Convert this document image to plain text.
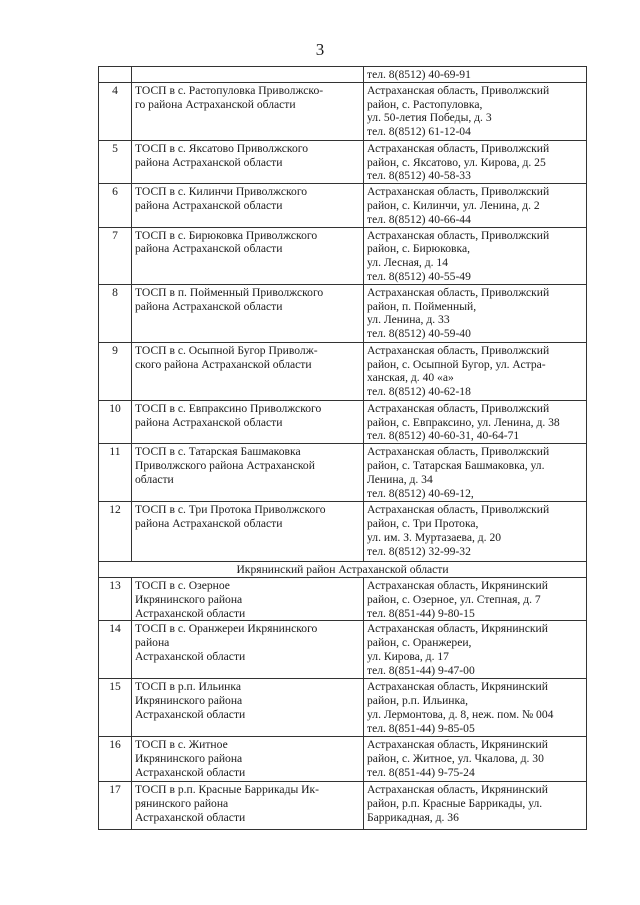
3

		тел. 8(8512) 40-69-91

4	ТОСП в с. Растопуловка Приволжско-
го района Астраханской области	Астраханская область, Приволжский
район, с. Растопуловка,
ул. 50-летия Победы, д. 3
тел. 8(8512) 61-12-04

5	ТОСП в с. Яксатово Приволжского
района Астраханской области	Астраханская область, Приволжский
район, с. Яксатово, ул. Кирова, д. 25
тел. 8(8512) 40-58-33

6	ТОСП в с. Килинчи Приволжского
района Астраханской области	Астраханская область, Приволжский
район, с. Килинчи, ул. Ленина, д. 2
тел. 8(8512) 40-66-44

7	ТОСП в с. Бирюковка Приволжского
района Астраханской области	Астраханская область, Приволжский
район, с. Бирюковка,
ул. Лесная, д. 14
тел. 8(8512) 40-55-49

8	ТОСП в п. Пойменный Приволжского
района Астраханской области	Астраханская область, Приволжский
район, п. Пойменный,
ул. Ленина, д. 33
тел. 8(8512) 40-59-40

9	ТОСП в с. Осыпной Бугор Приволж-
ского района Астраханской области	Астраханская область, Приволжский
район, с. Осыпной Бугор, ул. Астра-
ханская, д. 40 «а»
тел. 8(8512) 40-62-18

10	ТОСП в с. Евпраксино Приволжского
района Астраханской области	Астраханская область, Приволжский
район, с. Евпраксино, ул. Ленина, д. 38
тел. 8(8512) 40-60-31, 40-64-71

11	ТОСП в с. Татарская Башмаковка
Приволжского района Астраханской
области	Астраханская область, Приволжский
район, с. Татарская Башмаковка, ул.
Ленина, д. 34
тел. 8(8512) 40-69-12,

12	ТОСП в с. Три Протока Приволжского
района Астраханской области	Астраханская область, Приволжский
район, с. Три Протока,
ул. им. З. Муртазаева, д. 20
тел. 8(8512) 32-99-32

Икрянинский район Астраханской области		
13	ТОСП в с. Озерное
Икрянинского района
Астраханской области	Астраханская область, Икрянинский
район, с. Озерное, ул. Степная, д. 7
тел. 8(851-44) 9-80-15

14	ТОСП в с. Оранжереи Икрянинского
района
Астраханской области	Астраханская область, Икрянинский
район, с. Оранжереи,
ул. Кирова, д. 17
тел. 8(851-44) 9-47-00

15	ТОСП в р.п. Ильинка
Икрянинского района
Астраханской области	Астраханская область, Икрянинский
район, р.п. Ильинка,
ул. Лермонтова, д. 8, неж. пом. № 004
тел. 8(851-44) 9-85-05

16	ТОСП в с. Житное
Икрянинского района
Астраханской области	Астраханская область, Икрянинский
район, с. Житное, ул. Чкалова, д. 30
тел. 8(851-44) 9-75-24

17	ТОСП в р.п. Красные Баррикады Ик-
рянинского района
Астраханской области	Астраханская область, Икрянинский
район, р.п. Красные Баррикады, ул.
Баррикадная, д. 36
